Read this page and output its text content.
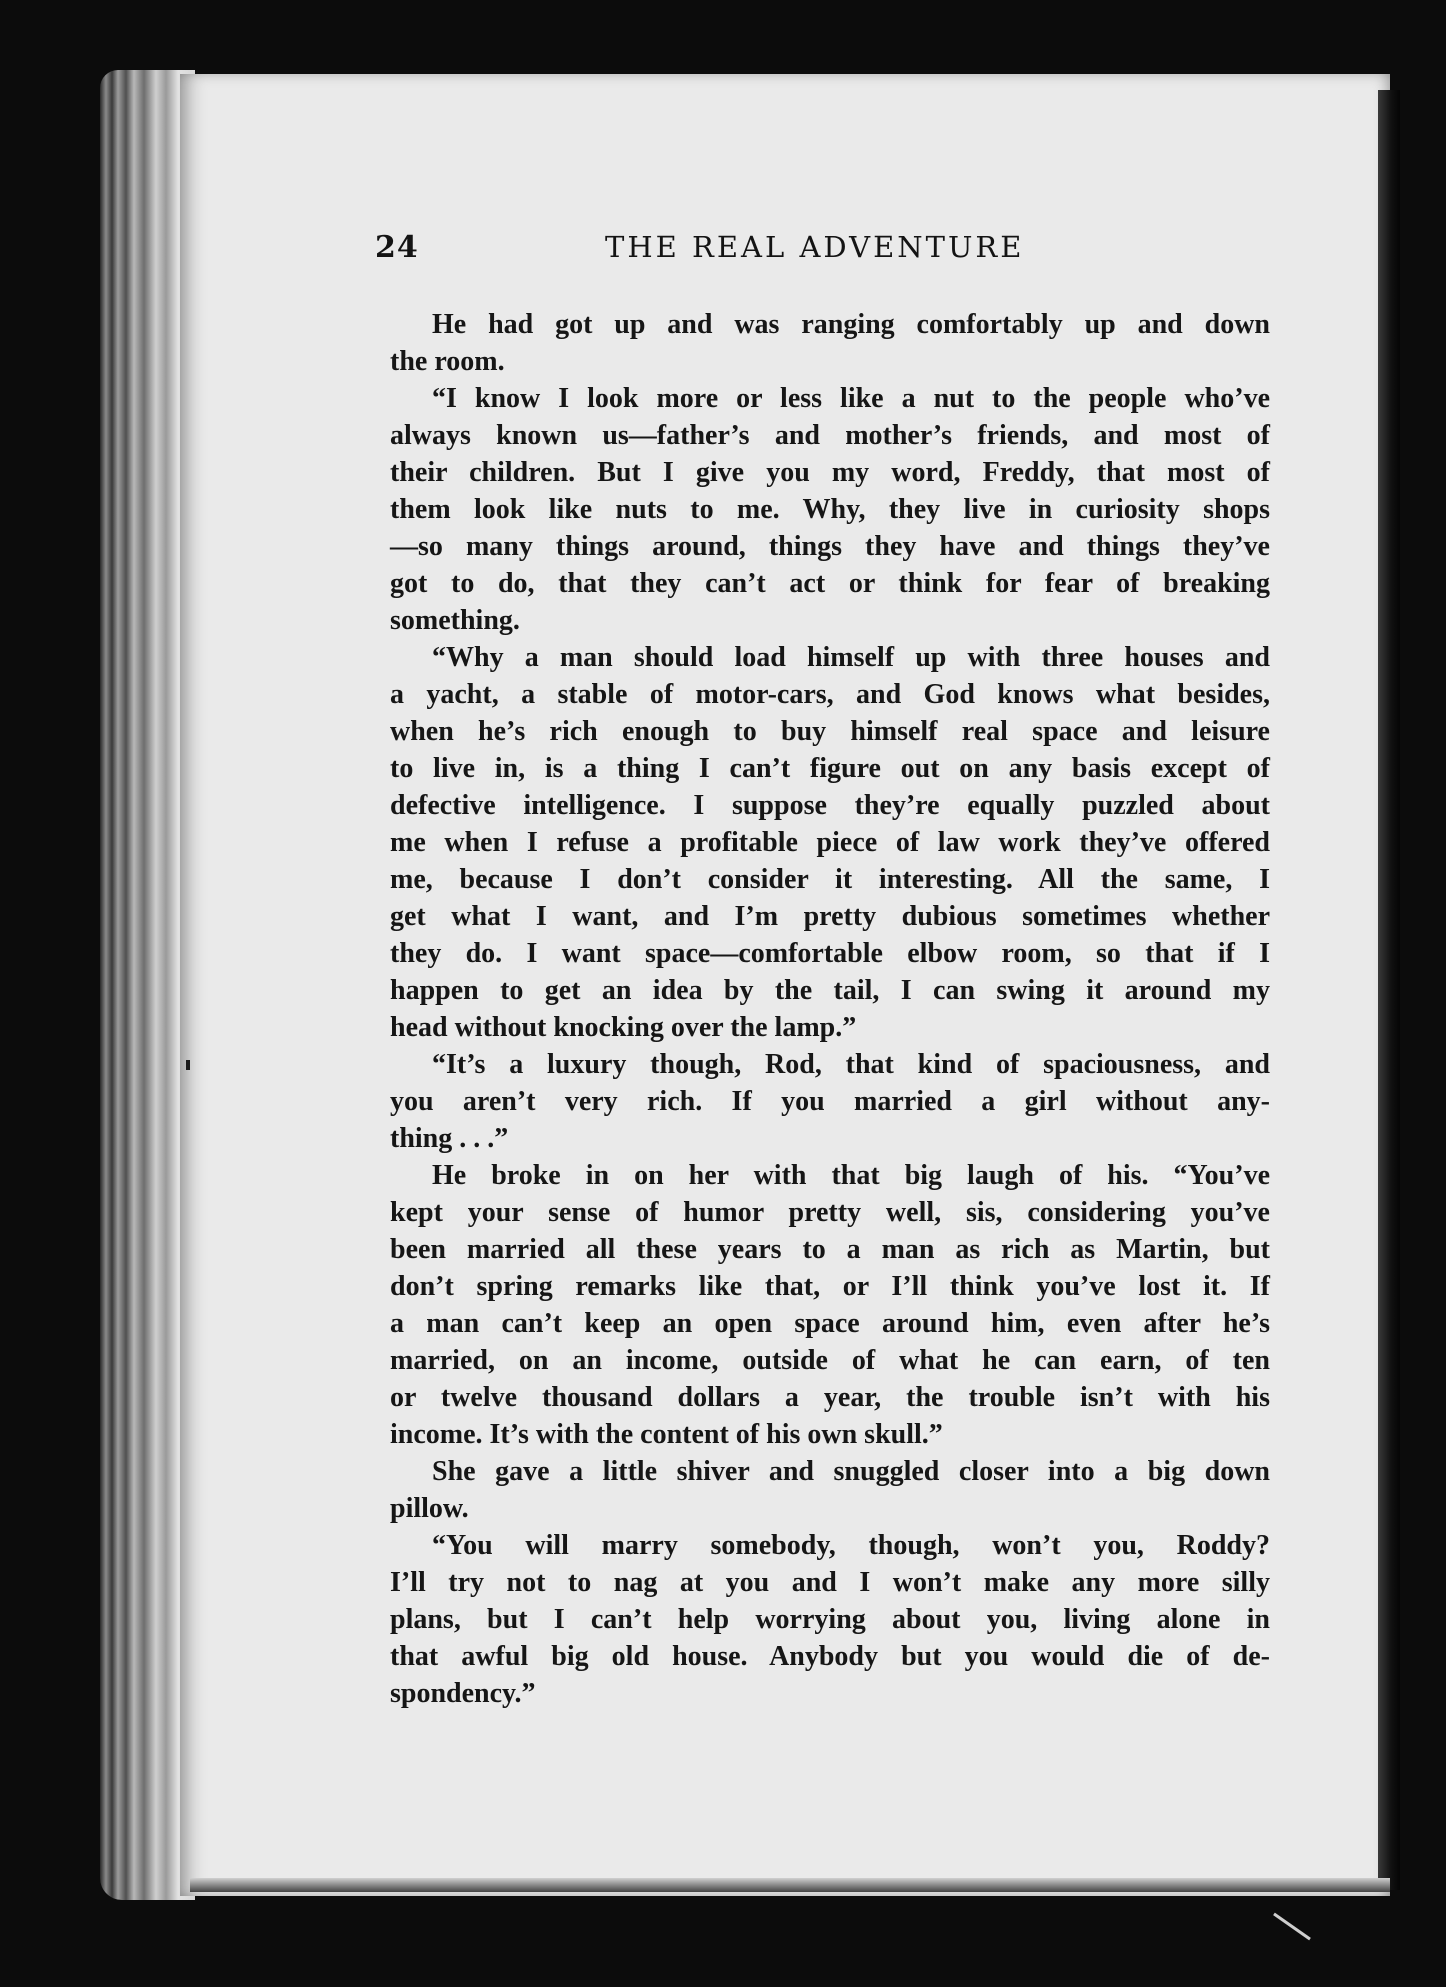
24	THE REAL ADVENTURE
He had got up and was ranging comfortably up and down
the room.
“I know I look more or less like a nut to the people who’ve
always known us—father’s and mother’s friends, and most of
their children. But I give you my word, Freddy, that most of
them look like nuts to me. Why, they live in curiosity shops
—so many things around, things they have and things they’ve
got to do, that they can’t act or think for fear of breaking
something.
“Why a man should load himself up with three houses and
a yacht, a stable of motor-cars, and God knows what besides,
when he’s rich enough to buy himself real space and leisure
to live in, is a thing I can’t figure out on any basis except of
defective intelligence. I suppose they’re equally puzzled about
me when I refuse a profitable piece of law work they’ve offered
me, because I don’t consider it interesting. All the same, I
get what I want, and I’m pretty dubious sometimes whether
they do. I want space—comfortable elbow room, so that if I
happen to get an idea by the tail, I can swing it around my
head without knocking over the lamp.”
“It’s a luxury though, Rod, that kind of spaciousness, and
you aren’t very rich. If you married a girl without any-
thing . . .”
He broke in on her with that big laugh of his. “You’ve
kept your sense of humor pretty well, sis, considering you’ve
been married all these years to a man as rich as Martin, but
don’t spring remarks like that, or I’ll think you’ve lost it. If
a man can’t keep an open space around him, even after he’s
married, on an income, outside of what he can earn, of ten
or twelve thousand dollars a year, the trouble isn’t with his
income. It’s with the content of his own skull.”
She gave a little shiver and snuggled closer into a big down
pillow.
“You will marry somebody, though, won’t you, Roddy?
I’ll try not to nag at you and I won’t make any more silly
plans, but I can’t help worrying about you, living alone in
that awful big old house. Anybody but you would die of de-
spondency.”
